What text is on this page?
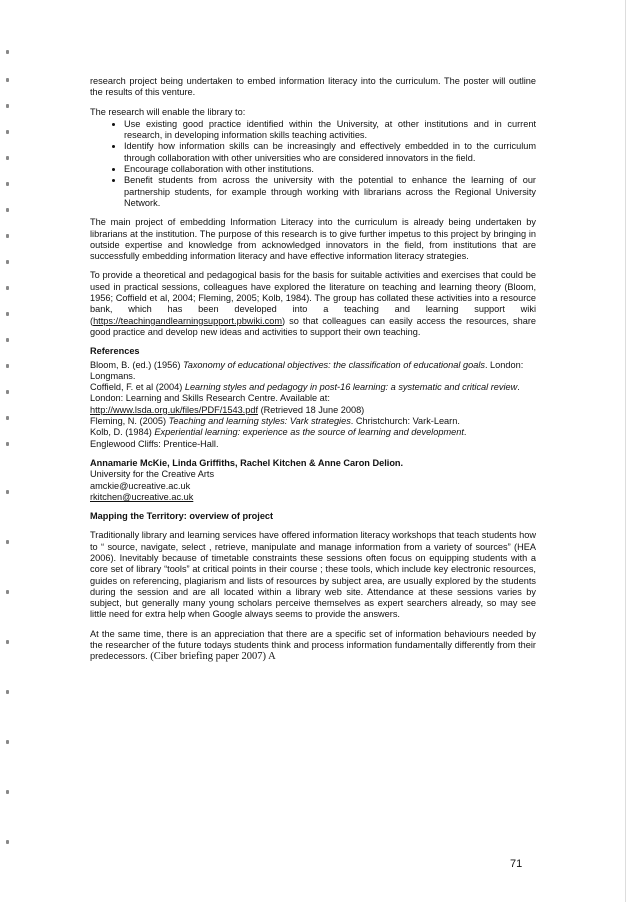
research project being undertaken to embed information literacy into the curriculum. The poster will outline the results of this venture.

The research will enable the library to:

• Use existing good practice identified within the University, at other institutions and in current research, in developing information skills teaching activities.
• Identify how information skills can be increasingly and effectively embedded in to the curriculum through collaboration with other universities who are considered innovators in the field.
• Encourage collaboration with other institutions.
• Benefit students from across the university with the potential to enhance the learning of our partnership students, for example through working with librarians across the Regional University Network.

The main project of embedding Information Literacy into the curriculum is already being undertaken by librarians at the institution. The purpose of this research is to give further impetus to this project by bringing in outside expertise and knowledge from acknowledged innovators in the field, from institutions that are successfully embedding information literacy and have effective information literacy strategies.

To provide a theoretical and pedagogical basis for the basis for suitable activities and exercises that could be used in practical sessions, colleagues have explored the literature on teaching and learning theory (Bloom, 1956; Coffield et al, 2004; Fleming, 2005; Kolb, 1984). The group has collated these activities into a resource bank, which has been developed into a teaching and learning support wiki (https://teachingandlearningsupport.pbwiki.com) so that colleagues can easily access the resources, share good practice and develop new ideas and activities to support their own teaching.

References
Bloom, B. (ed.) (1956) Taxonomy of educational objectives: the classification of educational goals. London: Longmans.
Coffield, F. et al (2004) Learning styles and pedagogy in post-16 learning: a systematic and critical review. London: Learning and Skills Research Centre. Available at:
http://www.lsda.org.uk/files/PDF/1543.pdf (Retrieved 18 June 2008)
Fleming, N. (2005) Teaching and learning styles: Vark strategies. Christchurch: Vark-Learn.
Kolb, D. (1984) Experiential learning: experience as the source of learning and development.
Englewood Cliffs: Prentice-Hall.
Annamarie McKie, Linda Griffiths, Rachel Kitchen & Anne Caron Delion.
University for the Creative Arts
amckie@ucreative.ac.uk
rkitchen@ucreative.ac.uk
Mapping the Territory: overview of project

Traditionally library and learning services have offered information literacy workshops that teach students how to “ source, navigate, select , retrieve, manipulate and manage information from a variety of sources” (HEA 2006). Inevitably because of timetable constraints these sessions often focus on equipping students with a core set of library “tools” at critical points in their course ; these tools, which include key electronic resources, guides on referencing, plagiarism and lists of resources by subject area, are usually explored by the students during the session and are all located within a library web site. Attendance at these sessions varies by subject, but generally many young scholars perceive themselves as expert searchers already, so may see little need for extra help when Google always seems to provide the answers.

At the same time, there is an appreciation that there are a specific set of information behaviours needed by the researcher of the future todays students think and process information fundamentally differently from their predecessors. (Ciber briefing paper 2007) A

71
